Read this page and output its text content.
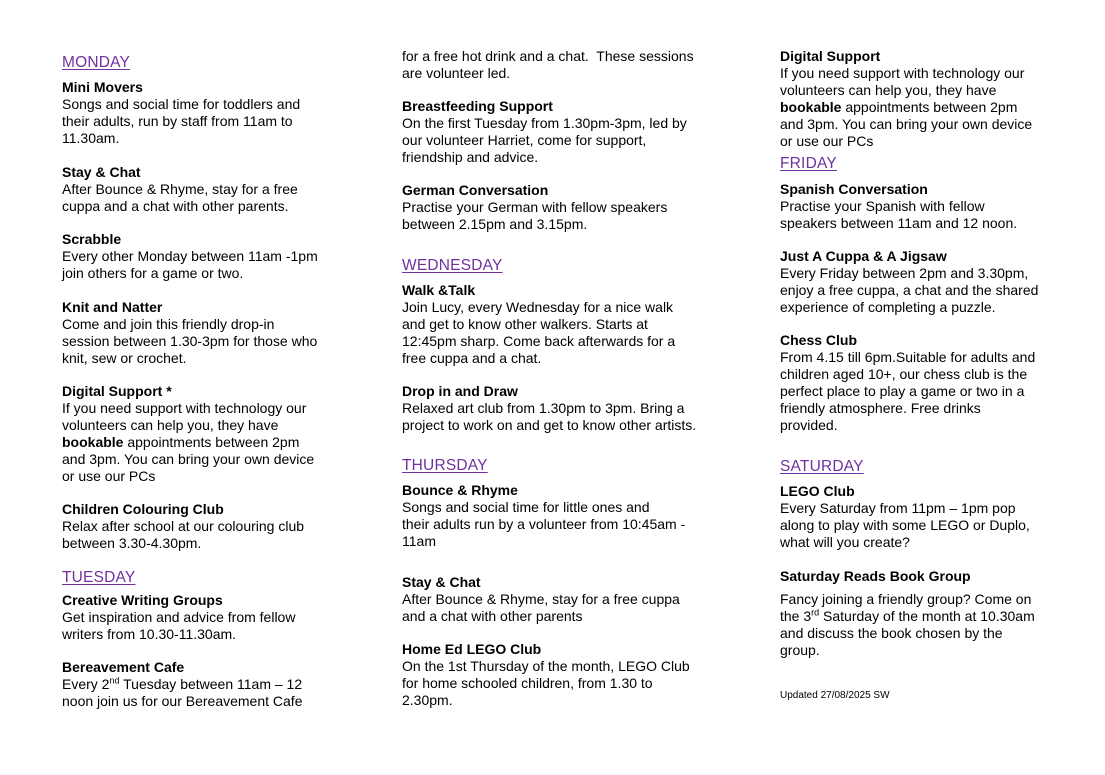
MONDAY
Mini Movers
Songs and social time for toddlers and
their adults, run by staff from 11am to
11.30am.
Stay & Chat
After Bounce & Rhyme, stay for a free
cuppa and a chat with other parents.
Scrabble
Every other Monday between 11am -1pm
join others for a game or two.
Knit and Natter
Come and join this friendly drop-in
session between 1.30-3pm for those who
knit, sew or crochet.
Digital Support *
If you need support with technology our
volunteers can help you, they have
bookable appointments between 2pm
and 3pm. You can bring your own device
or use our PCs
Children Colouring Club
Relax after school at our colouring club
between 3.30-4.30pm.
TUESDAY
Creative Writing Groups
Get inspiration and advice from fellow
writers from 10.30-11.30am.
Bereavement Cafe
Every 2nd Tuesday between 11am – 12
noon join us for our Bereavement Cafe
for a free hot drink and a chat.  These sessions
are volunteer led.
Breastfeeding Support
On the first Tuesday from 1.30pm-3pm, led by
our volunteer Harriet, come for support,
friendship and advice.
German Conversation
Practise your German with fellow speakers
between 2.15pm and 3.15pm.
WEDNESDAY
Walk &Talk
Join Lucy, every Wednesday for a nice walk
and get to know other walkers. Starts at
12:45pm sharp. Come back afterwards for a
free cuppa and a chat.
Drop in and Draw
Relaxed art club from 1.30pm to 3pm. Bring a
project to work on and get to know other artists.
THURSDAY
Bounce & Rhyme
Songs and social time for little ones and
their adults run by a volunteer from 10:45am -
11am
Stay & Chat
After Bounce & Rhyme, stay for a free cuppa
and a chat with other parents
Home Ed LEGO Club
On the 1st Thursday of the month, LEGO Club
for home schooled children, from 1.30 to
2.30pm.
Digital Support
If you need support with technology our
volunteers can help you, they have
bookable appointments between 2pm
and 3pm. You can bring your own device
or use our PCs
FRIDAY
Spanish Conversation
Practise your Spanish with fellow
speakers between 11am and 12 noon.
Just A Cuppa & A Jigsaw
Every Friday between 2pm and 3.30pm,
enjoy a free cuppa, a chat and the shared
experience of completing a puzzle.
Chess Club
From 4.15 till 6pm.Suitable for adults and
children aged 10+, our chess club is the
perfect place to play a game or two in a
friendly atmosphere. Free drinks
provided.
SATURDAY
LEGO Club
Every Saturday from 11pm – 1pm pop
along to play with some LEGO or Duplo,
what will you create?
Saturday Reads Book Group
Fancy joining a friendly group? Come on
the 3rd Saturday of the month at 10.30am
and discuss the book chosen by the
group.
Updated 27/08/2025 SW
